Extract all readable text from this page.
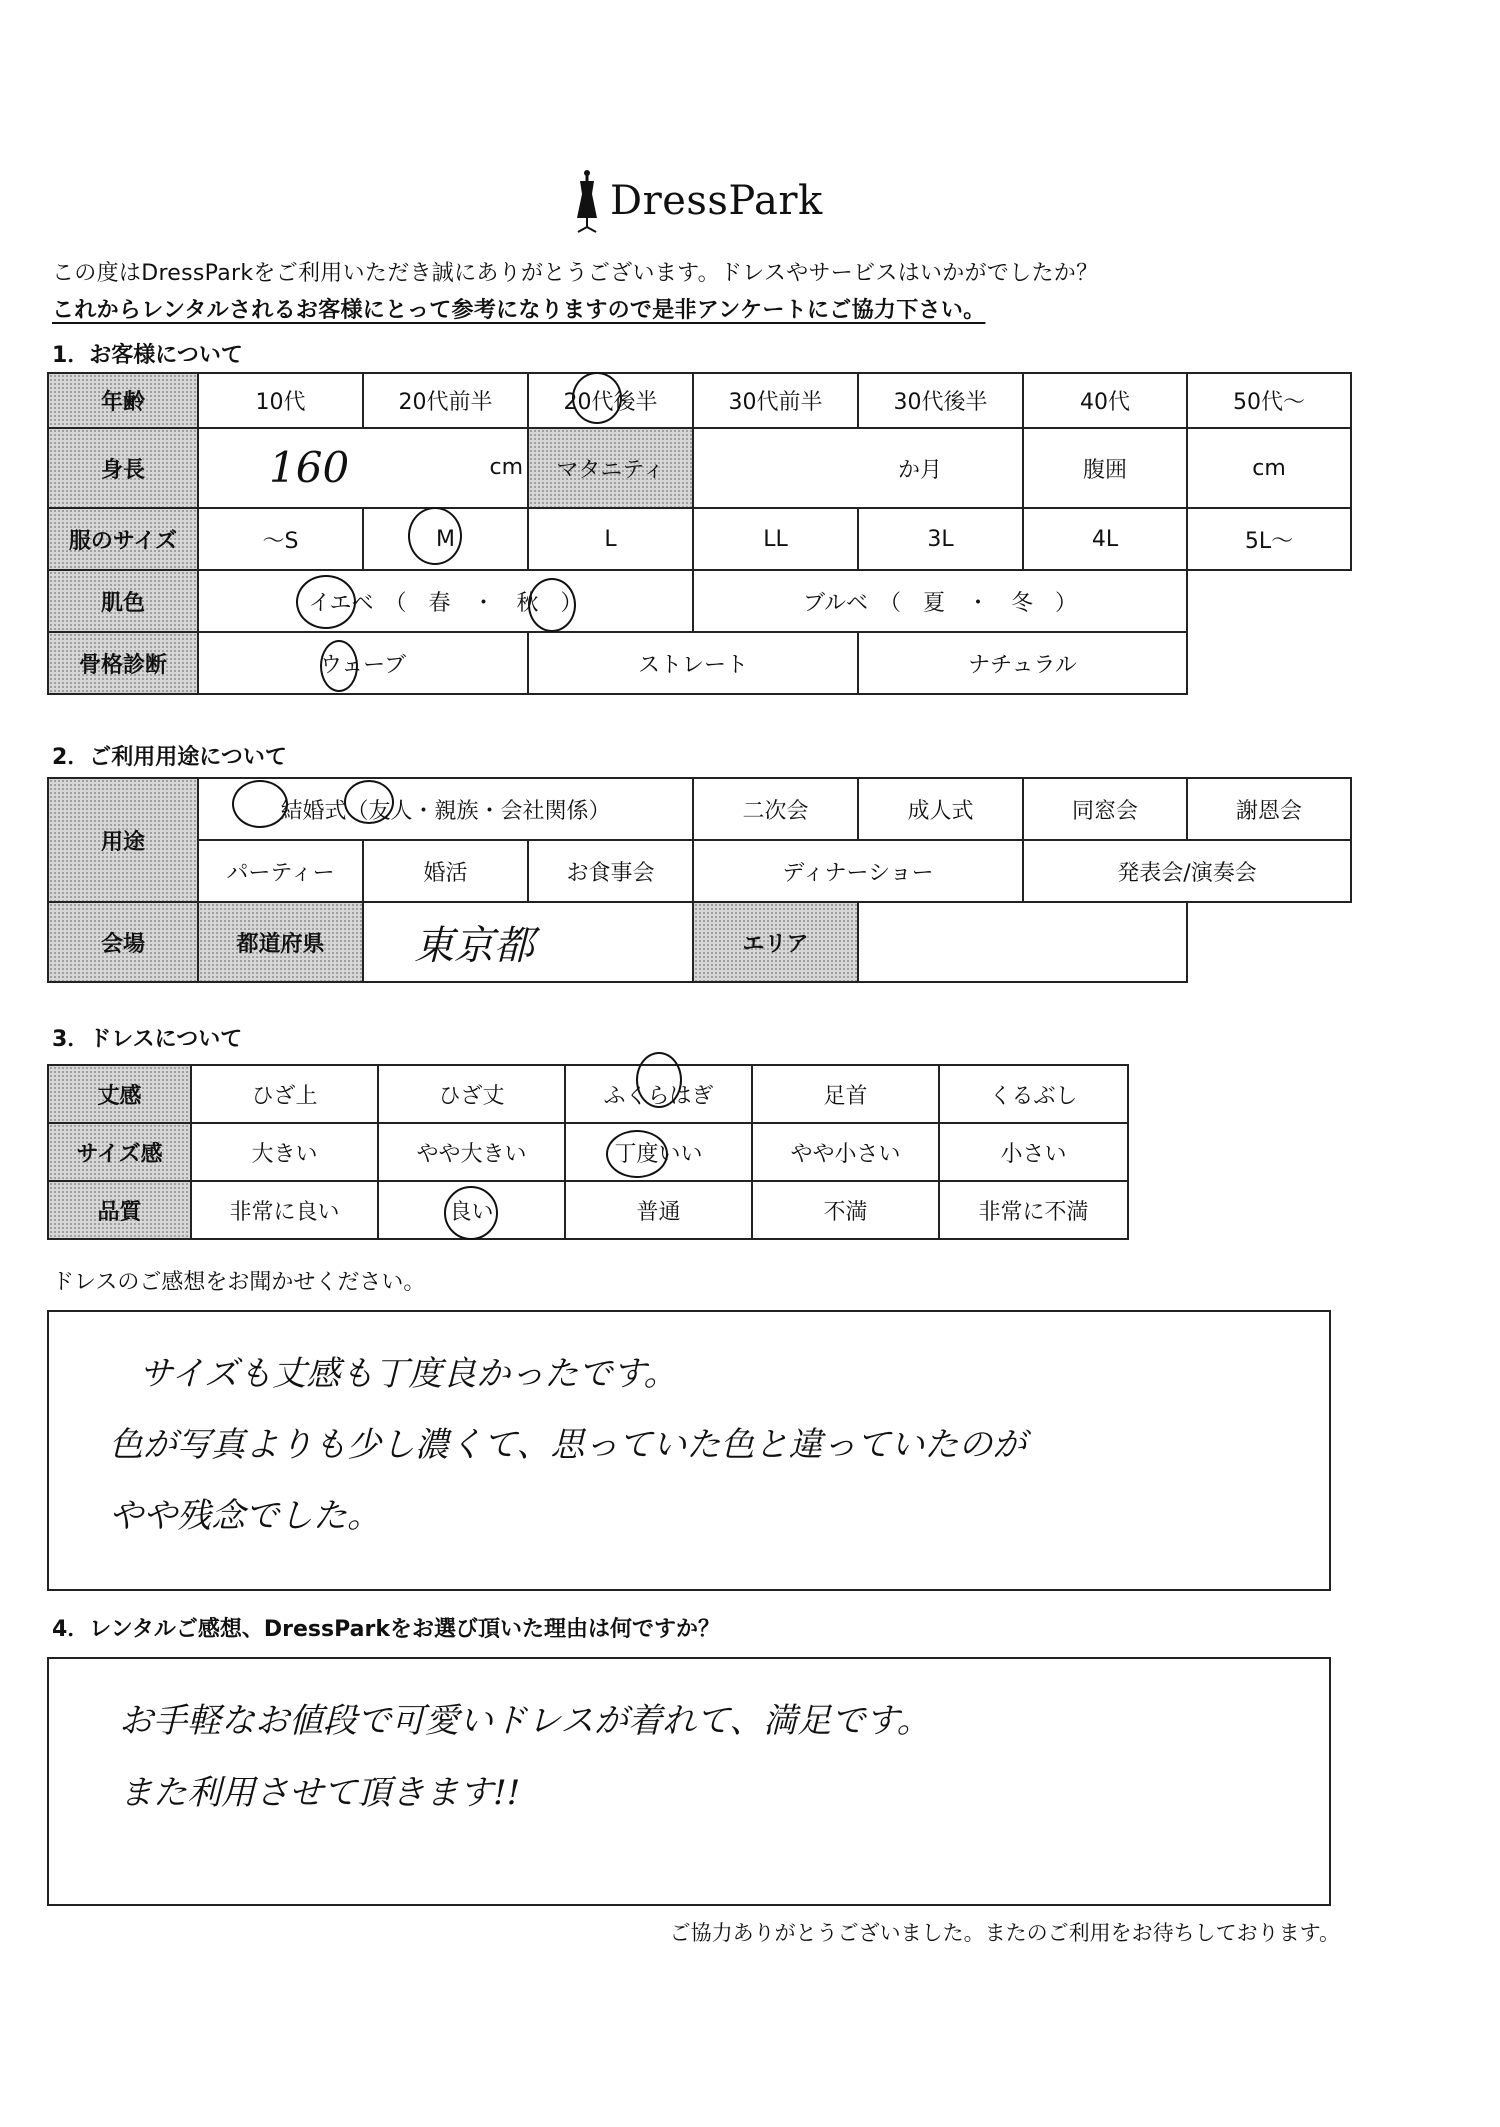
DressPark
この度はDressParkをご利用いただき誠にありがとうございます。ドレスやサービスはいかがでしたか？
これからレンタルされるお客様にとって参考になりますので是非アンケートにご協力下さい。
1．お客様について
年齢	10代	20代前半	20代後半	30代前半	30代後半	40代	50代～
身長	160 cm		マタニティ	か月		腹囲	cm
服のサイズ	～S	M	L	LL	3L	4L	5L～
肌色	イエベ　（　春　・　秋　）			ブルベ　（　夏　・　冬　）			
骨格診断	ウェーブ		ストレート		ナチュラル		
2．ご利用用途について
用途	結婚式（友人・親族・会社関係）			二次会	成人式	同窓会	謝恩会
	パーティー	婚活	お食事会	ディナーショー		発表会/演奏会	
会場	都道府県	東京都		エリア			
3．ドレスについて
丈感	ひざ上	ひざ丈	ふくらはぎ	足首	くるぶし
サイズ感	大きい	やや大きい	丁度いい	やや小さい	小さい
品質	非常に良い	良い	普通	不満	非常に不満
ドレスのご感想をお聞かせください。
サイズも丈感も丁度良かったです。
色が写真よりも少し濃くて、思っていた色と違っていたのが
やや残念でした。
4．レンタルご感想、DressParkをお選び頂いた理由は何ですか？
お手軽なお値段で可愛いドレスが着れて、満足です。
また利用させて頂きます!!
ご協力ありがとうございました。またのご利用をお待ちしております。
